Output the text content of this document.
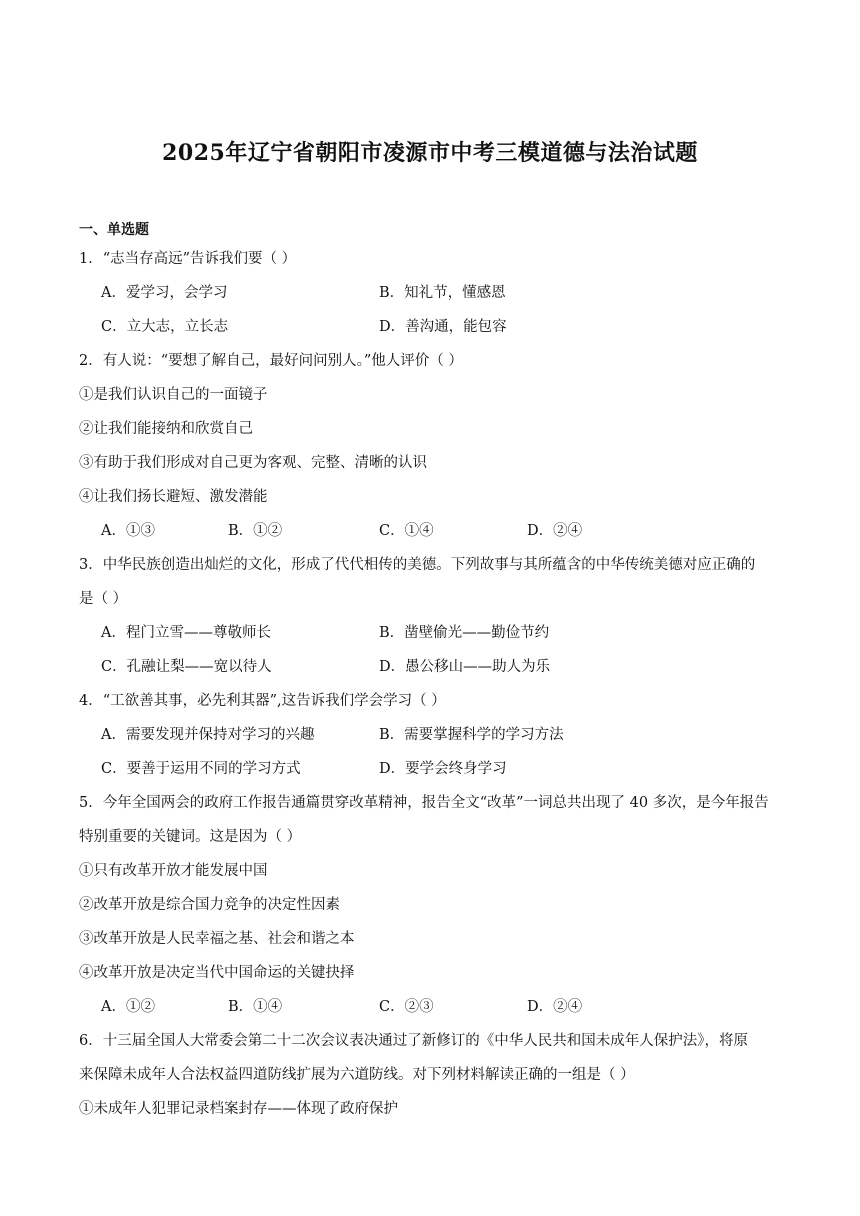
2025年辽宁省朝阳市凌源市中考三模道德与法治试题
一、单选题
1．“志当存高远”告诉我们要（ ）
A．爱学习，会学习	B．知礼节，懂感恩
C．立大志，立长志	D．善沟通，能包容
2．有人说：“要想了解自己，最好问问别人。”他人评价（ ）
①是我们认识自己的一面镜子
②让我们能接纳和欣赏自己
③有助于我们形成对自己更为客观、完整、清晰的认识
④让我们扬长避短、激发潜能
A．①③	B．①②	C．①④	D．②④
3．中华民族创造出灿烂的文化，形成了代代相传的美德。下列故事与其所蕴含的中华传统美德对应正确的
是（ ）
A．程门立雪——尊敬师长	B．凿壁偷光——勤俭节约
C．孔融让梨——宽以待人	D．愚公移山——助人为乐
4．“工欲善其事，必先利其器”,这告诉我们学会学习（ ）
A．需要发现并保持对学习的兴趣	B．需要掌握科学的学习方法
C．要善于运用不同的学习方式	D．要学会终身学习
5．今年全国两会的政府工作报告通篇贯穿改革精神，报告全文“改革”一词总共出现了 40 多次，是今年报告
特别重要的关键词。这是因为（ ）
①只有改革开放才能发展中国
②改革开放是综合国力竞争的决定性因素
③改革开放是人民幸福之基、社会和谐之本
④改革开放是决定当代中国命运的关键抉择
A．①②	B．①④	C．②③	D．②④
6．十三届全国人大常委会第二十二次会议表决通过了新修订的《中华人民共和国未成年人保护法》，将原
来保障未成年人合法权益四道防线扩展为六道防线。对下列材料解读正确的一组是（ ）
①未成年人犯罪记录档案封存——体现了政府保护
